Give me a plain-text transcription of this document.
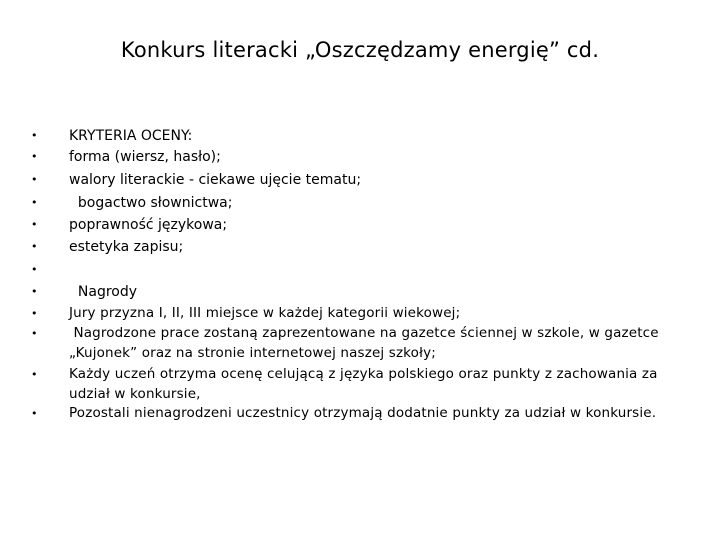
Konkurs literacki „Oszczędzamy energię” cd.
• KRYTERIA OCENY:
• forma (wiersz, hasło);
• walory literackie - ciekawe ujęcie tematu;
• bogactwo słownictwa;
• poprawność językowa;
• estetyka zapisu;
•
• Nagrody
• Jury przyzna I, II, III miejsce w każdej kategorii wiekowej;
• Nagrodzone prace zostaną zaprezentowane na gazetce ściennej w szkole, w gazetce „Kujonek” oraz na stronie internetowej naszej szkoły;
• Każdy uczeń otrzyma ocenę celującą z języka polskiego oraz punkty z zachowania za udział w konkursie,
• Pozostali nienagrodzeni uczestnicy otrzymają dodatnie punkty za udział w konkursie.
